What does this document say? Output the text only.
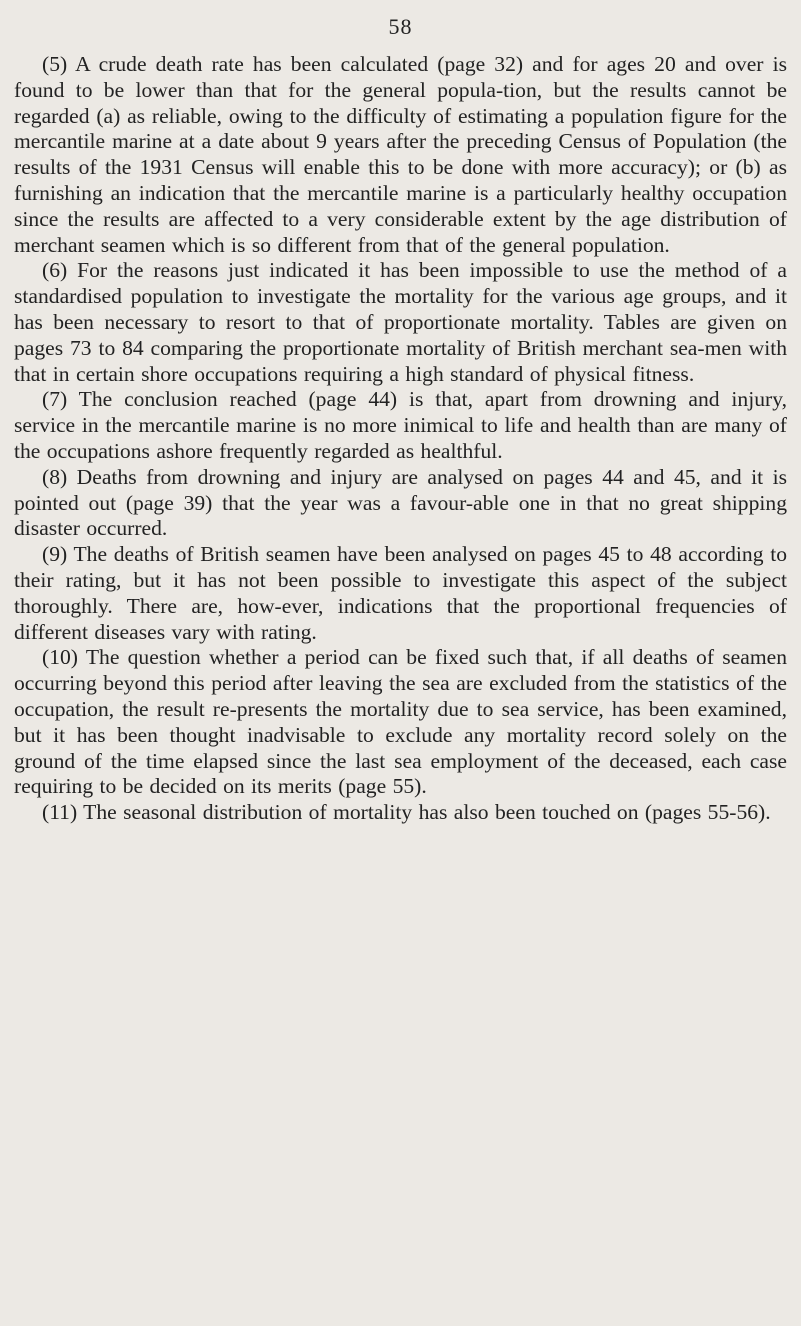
58

(5) A crude death rate has been calculated (page 32) and for ages 20 and over is found to be lower than that for the general popula-tion, but the results cannot be regarded (a) as reliable, owing to the difficulty of estimating a population figure for the mercantile marine at a date about 9 years after the preceding Census of Population (the results of the 1931 Census will enable this to be done with more accuracy); or (b) as furnishing an indication that the mercantile marine is a particularly healthy occupation since the results are affected to a very considerable extent by the age distribution of merchant seamen which is so different from that of the general population.

(6) For the reasons just indicated it has been impossible to use the method of a standardised population to investigate the mortality for the various age groups, and it has been necessary to resort to that of proportionate mortality. Tables are given on pages 73 to 84 comparing the proportionate mortality of British merchant sea-men with that in certain shore occupations requiring a high standard of physical fitness.

(7) The conclusion reached (page 44) is that, apart from drowning and injury, service in the mercantile marine is no more inimical to life and health than are many of the occupations ashore frequently regarded as healthful.

(8) Deaths from drowning and injury are analysed on pages 44 and 45, and it is pointed out (page 39) that the year was a favour-able one in that no great shipping disaster occurred.

(9) The deaths of British seamen have been analysed on pages 45 to 48 according to their rating, but it has not been possible to investigate this aspect of the subject thoroughly. There are, how-ever, indications that the proportional frequencies of different diseases vary with rating.

(10) The question whether a period can be fixed such that, if all deaths of seamen occurring beyond this period after leaving the sea are excluded from the statistics of the occupation, the result re-presents the mortality due to sea service, has been examined, but it has been thought inadvisable to exclude any mortality record solely on the ground of the time elapsed since the last sea employment of the deceased, each case requiring to be decided on its merits (page 55).

(11) The seasonal distribution of mortality has also been touched on (pages 55-56).
